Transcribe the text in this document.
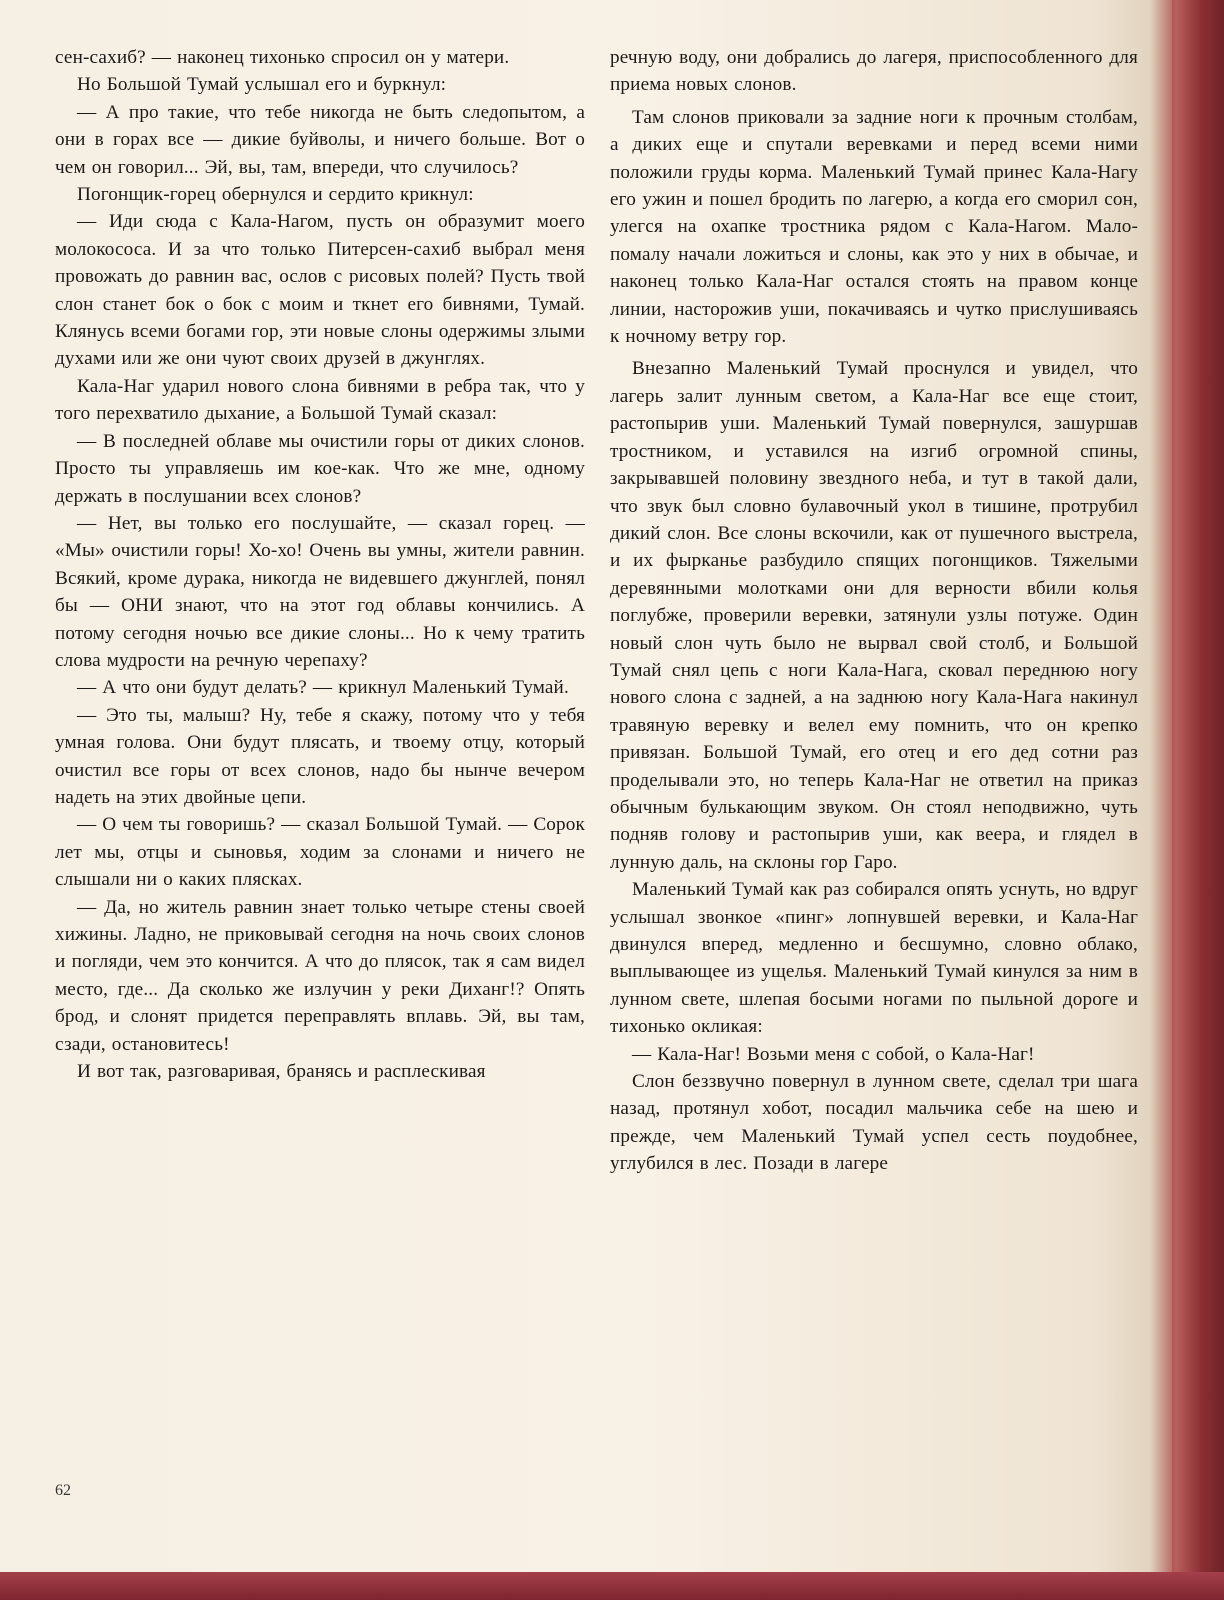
сен-сахиб? — наконец тихонько спросил он у матери.

Но Большой Тумай услышал его и буркнул:

— А про такие, что тебе никогда не быть следопытом, а они в горах все — дикие буйволы, и ничего больше. Вот о чем он говорил... Эй, вы, там, впереди, что случилось?

Погонщик-горец обернулся и сердито крикнул:

— Иди сюда с Кала-Нагом, пусть он образумит моего молокососа. И за что только Питерсен-сахиб выбрал меня провожать до равнин вас, ослов с рисовых полей? Пусть твой слон станет бок о бок с моим и ткнет его бивнями, Тумай. Клянусь всеми богами гор, эти новые слоны одержимы злыми духами или же они чуют своих друзей в джунглях.

Кала-Наг ударил нового слона бивнями в ребра так, что у того перехватило дыхание, а Большой Тумай сказал:

— В последней облаве мы очистили горы от диких слонов. Просто ты управляешь им кое-как. Что же мне, одному держать в послушании всех слонов?

— Нет, вы только его послушайте, — сказал горец. — «Мы» очистили горы! Хо-хо! Очень вы умны, жители равнин. Всякий, кроме дурака, никогда не видевшего джунглей, понял бы — ОНИ знают, что на этот год облавы кончились. А потому сегодня ночью все дикие слоны... Но к чему тратить слова мудрости на речную черепаху?

— А что они будут делать? — крикнул Маленький Тумай.

— Это ты, малыш? Ну, тебе я скажу, потому что у тебя умная голова. Они будут плясать, и твоему отцу, который очистил все горы от всех слонов, надо бы нынче вечером надеть на этих двойные цепи.

— О чем ты говоришь? — сказал Большой Тумай. — Сорок лет мы, отцы и сыновья, ходим за слонами и ничего не слышали ни о каких плясках.

— Да, но житель равнин знает только четыре стены своей хижины. Ладно, не приковывай сегодня на ночь своих слонов и погляди, чем это кончится. А что до плясок, так я сам видел место, где... Да сколько же излучин у реки Диханг!? Опять брод, и слонят придется переправлять вплавь. Эй, вы там, сзади, остановитесь!

И вот так, разговаривая, бранясь и расплескивая

речную воду, они добрались до лагеря, приспособленного для приема новых слонов.

Там слонов приковали за задние ноги к прочным столбам, а диких еще и спутали веревками и перед всеми ними положили груды корма. Маленький Тумай принес Кала-Нагу его ужин и пошел бродить по лагерю, а когда его сморил сон, улегся на охапке тростника рядом с Кала-Нагом. Мало-помалу начали ложиться и слоны, как это у них в обычае, и наконец только Кала-Наг остался стоять на правом конце линии, насторожив уши, покачиваясь и чутко прислушиваясь к ночному ветру гор.

Внезапно Маленький Тумай проснулся и увидел, что лагерь залит лунным светом, а Кала-Наг все еще стоит, растопырив уши. Маленький Тумай повернулся, зашуршав тростником, и уставился на изгиб огромной спины, закрывавшей половину звездного неба, и тут в такой дали, что звук был словно булавочный укол в тишине, протрубил дикий слон. Все слоны вскочили, как от пушечного выстрела, и их фырканье разбудило спящих погонщиков. Тяжелыми деревянными молотками они для верности вбили колья поглубже, проверили веревки, затянули узлы потуже. Один новый слон чуть было не вырвал свой столб, и Большой Тумай снял цепь с ноги Кала-Нага, сковал переднюю ногу нового слона с задней, а на заднюю ногу Кала-Нага накинул травяную веревку и велел ему помнить, что он крепко привязан. Большой Тумай, его отец и его дед сотни раз проделывали это, но теперь Кала-Наг не ответил на приказ обычным булькающим звуком. Он стоял неподвижно, чуть подняв голову и растопырив уши, как веера, и глядел в лунную даль, на склоны гор Гаро.

Маленький Тумай как раз собирался опять уснуть, но вдруг услышал звонкое «пинг» лопнувшей веревки, и Кала-Наг двинулся вперед, медленно и бесшумно, словно облако, выплывающее из ущелья. Маленький Тумай кинулся за ним в лунном свете, шлепая босыми ногами по пыльной дороге и тихонько окликая:

— Кала-Наг! Возьми меня с собой, о Кала-Наг!

Слон беззвучно повернул в лунном свете, сделал три шага назад, протянул хобот, посадил мальчика себе на шею и прежде, чем Маленький Тумай успел сесть поудобнее, углубился в лес. Позади в лагере

62
